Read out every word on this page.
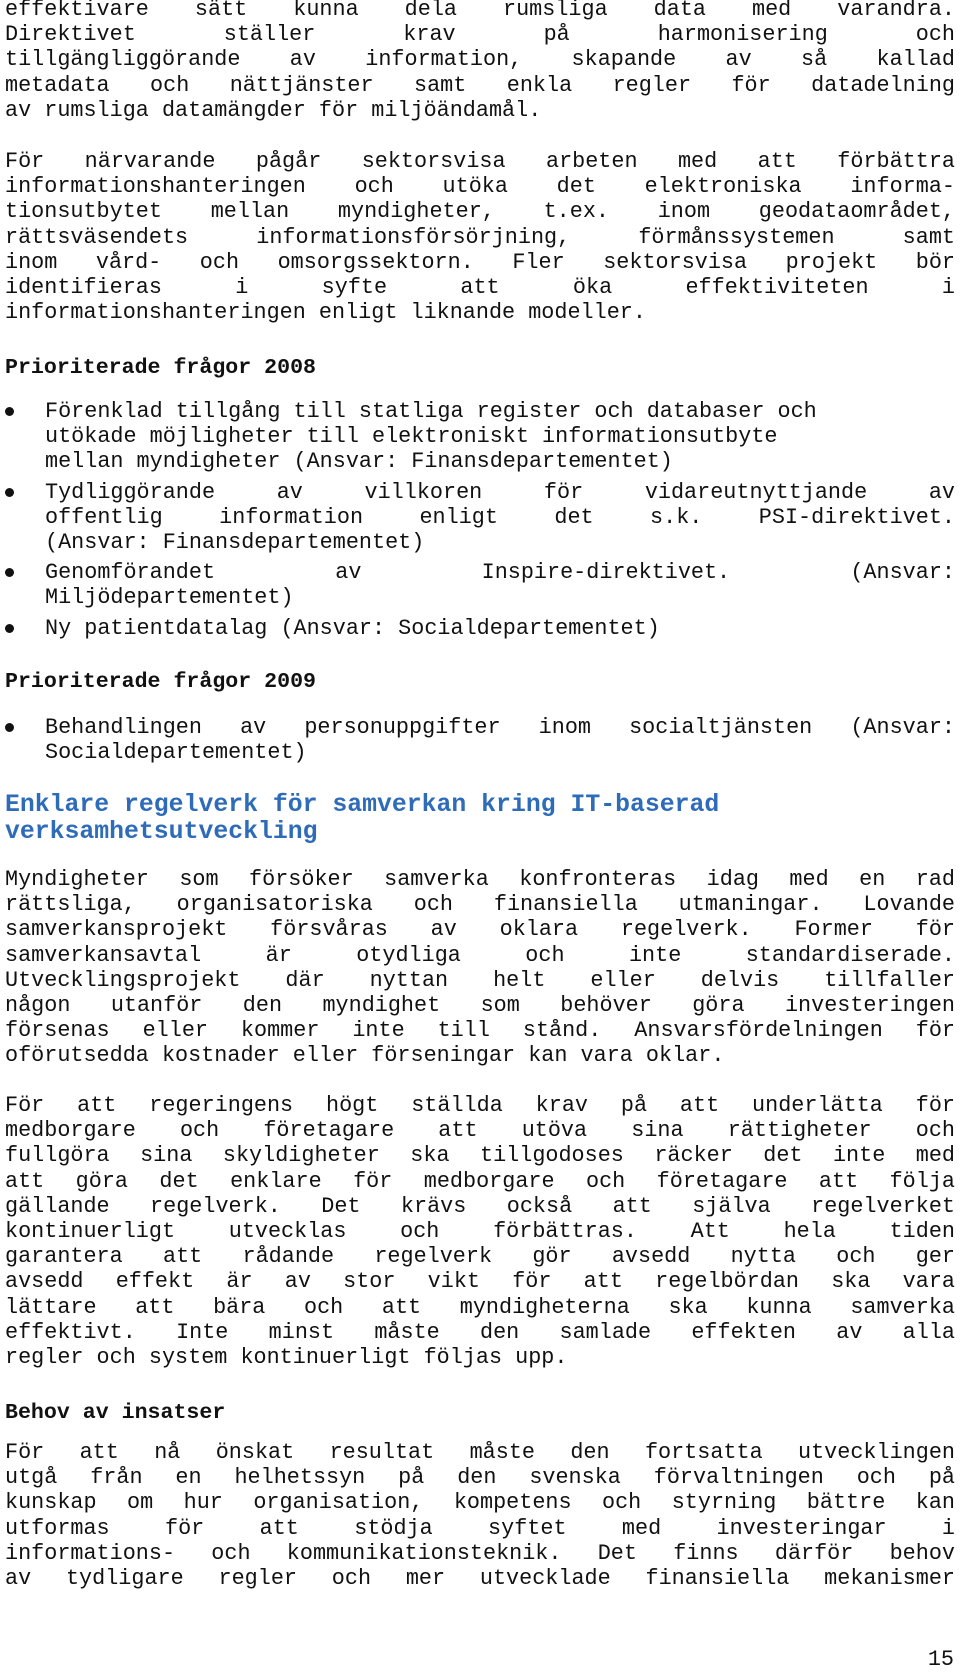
effektivare sätt kunna dela rumsliga data med varandra.
Direktivet ställer krav på harmonisering och
tillgängliggörande av information, skapande av så kallad
metadata och nättjänster samt enkla regler för datadelning
av rumsliga datamängder för miljöändamål.
För närvarande pågår sektorsvisa arbeten med att förbättra
informationshanteringen och utöka det elektroniska informa-
tionsutbytet mellan myndigheter, t.ex. inom geodataområdet,
rättsväsendets informationsförsörjning, förmånssystemen samt
inom vård- och omsorgssektorn. Fler sektorsvisa projekt bör
identifieras i syfte att öka effektiviteten i
informationshanteringen enligt liknande modeller.
Prioriterade frågor 2008
Förenklad tillgång till statliga register och databaser och
utökade möjligheter till elektroniskt informationsutbyte
mellan myndigheter (Ansvar: Finansdepartementet)
Tydliggörande av villkoren för vidareutnyttjande av
offentlig information enligt det s.k. PSI-direktivet.
(Ansvar: Finansdepartementet)
Genomförandet av Inspire-direktivet. (Ansvar:
Miljödepartementet)
Ny patientdatalag (Ansvar: Socialdepartementet)
Prioriterade frågor 2009
Behandlingen av personuppgifter inom socialtjänsten (Ansvar:
Socialdepartementet)
Enklare regelverk för samverkan kring IT-baserad
verksamhetsutveckling
Myndigheter som försöker samverka konfronteras idag med en rad
rättsliga, organisatoriska och finansiella utmaningar. Lovande
samverkansprojekt försvåras av oklara regelverk. Former för
samverkansavtal är otydliga och inte standardiserade.
Utvecklingsprojekt där nyttan helt eller delvis tillfaller
någon utanför den myndighet som behöver göra investeringen
försenas eller kommer inte till stånd. Ansvarsfördelningen för
oförutsedda kostnader eller förseningar kan vara oklar.
För att regeringens högt ställda krav på att underlätta för
medborgare och företagare att utöva sina rättigheter och
fullgöra sina skyldigheter ska tillgodoses räcker det inte med
att göra det enklare för medborgare och företagare att följa
gällande regelverk. Det krävs också att själva regelverket
kontinuerligt utvecklas och förbättras. Att hela tiden
garantera att rådande regelverk gör avsedd nytta och ger
avsedd effekt är av stor vikt för att regelbördan ska vara
lättare att bära och att myndigheterna ska kunna samverka
effektivt. Inte minst måste den samlade effekten av alla
regler och system kontinuerligt följas upp.
Behov av insatser
För att nå önskat resultat måste den fortsatta utvecklingen
utgå från en helhetssyn på den svenska förvaltningen och på
kunskap om hur organisation, kompetens och styrning bättre kan
utformas för att stödja syftet med investeringar i
informations- och kommunikationsteknik. Det finns därför behov
av tydligare regler och mer utvecklade finansiella mekanismer
15
